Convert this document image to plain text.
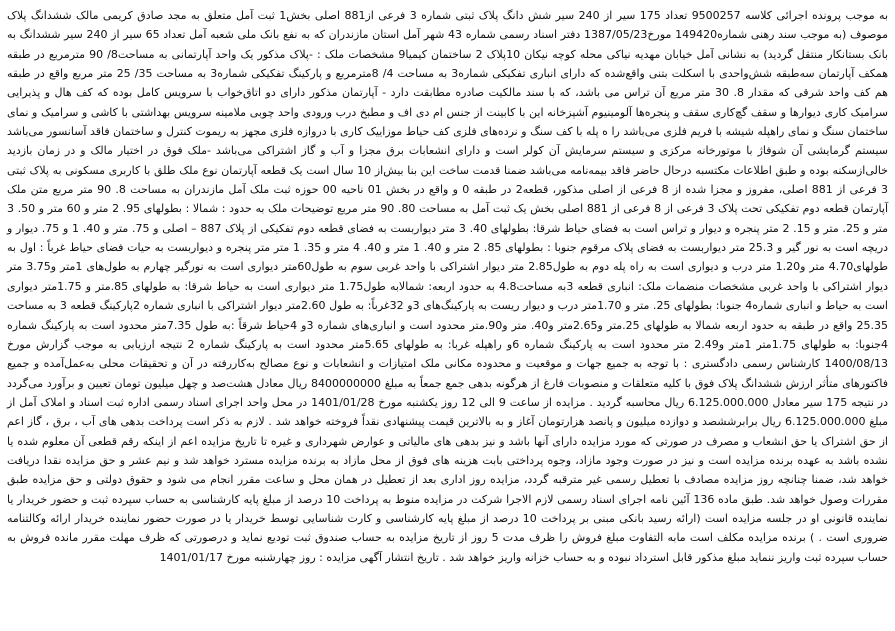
به موجب پرونده اجرائی کلاسه 9500257 تعداد 175 سیر از 240 سیر شش دانگ پلاک ثبتی شماره 3 فرعی از881 اصلی بخش1 ثبت آمل متعلق به مجد صادق کریمی مالک ششدانگ پلاک موصوف (به موجب سند رهنی شماره149420 مورخ1387/05/23 دفتر اسناد رسمی شماره 43 شهر آمل استان مازندران که به نفع بانک ملی شعبه آمل تعداد 65 سیر از 240 سیر ششدانگ به بانک بستانکار منتقل گردید) به نشانی آمل خیابان مهدیه نیاکی محله کوچه نیکان 10پلاک 2 ساختمان کیمیا9 مشخصات ملک : -پلاک مذکور یک واحد آپارتمانی به مساحت8/ 90 مترمربع در طبقه همکف آپارتمان سه‌طبقه شش‌واحدی با اسکلت بتنی واقع‌شده که دارای انباری تفکیکی شماره3 به مساحت 4/ 8مترمربع و پارکینگ تفکیکی شماره3 به مساحت 35/ 25 متر مربع واقع در طبقه هم کف واحد شرقی که مقدار 8. 30 متر مربع آن تراس می باشد، که با سند مالکیت صادره مطابقت دارد - آپارتمان مذکور دارای دو اتاق‌خواب با سرویس کامل بوده که کف هال و پذیرایی سرامیک کاری دیوارها و سقف گچ‌کاری سقف و پنجره‌ها آلومینیوم آشپزخانه این با کابینت از جنس ام دی اف و مطبخ درب ورودی واحد چوبی ملامینه سرویس بهداشتی با کاشی و سرامیک و نمای ساختمان سنگ و نمای راهپله شیشه با فریم فلزی می‌باشد را ه پله با کف سنگ و نرده‌های فلزی کف حیاط موزاییک کاری با دروازه فلزی مجهز به ریموت کنترل و ساختمان فاقد آسانسور می‌باشد سیستم گرمایشی آن شوفاژ با موتورخانه مرکزی و سیستم سرمایش آن کولر است و دارای انشعابات برق مجزا و آب و گاز اشتراکی می‌باشد -ملک فوق در اختیار مالک و در زمان بازدید خالی‌ازسکنه بوده و طبق اطلاعات مکتسبه درحال حاضر فاقد بیمه‌نامه می‌باشد ضمنا قدمت ساخت این بنا بیش‌از 10 سال است یک قطعه آپارتمان نوع ملک طلق با کاربری مسکونی به پلاک ثبتی 3 فرعی از 881 اصلی، مفروز و مجزا شده از 8 فرعی از اصلی مذکور، قطعه2 در طبقه 0 و واقع در بخش 01 ناحیه 00 حوزه ثبت ملک آمل مازندران به مساحت 8. 90 متر مربع متن ملک آپارتمان قطعه دوم تفکیکی تحت پلاک 3 فرعی از 8 فرعی از 881 اصلی بخش یک ثبت آمل به مساحت 80. 90 متر مربع توضیحات ملک به حدود : شمالا : بطولهای 95. 2 متر و 60 متر و 50. 3 متر و 25. متر و 15. 2 متر پنجره و دیوار و تراس است به فضای حیاط شرقا: بطولهای 40. 3 متر دیواربست به فضای قطعه دوم تفکیکی از پلاک 887 – اصلی و 75. متر و 40. 1 و 75. دیوار و دریچه است به نور گیر و 25.3 متر دیواربست به فضای پلاک مرقوم جنوبا : بطولهای 85. 2 متر و 40. 1 متر و 40. 4 متر و 35. 1 متر متر پنجره و دیواربست به حیات فضای حیاط غرباً : اول به طولهای4.70 متر و1.20 متر درب و دیواری است به راه پله دوم به طول2.85 متر دیوار اشتراکی با واحد غربی سوم به طول60متر دیواری است به نورگیر چهارم به طول‌های 1متر و3.75 متر دیوار اشتراکی با واحد غربی مشخصات منضمات ملک: انباری قطعه 3به مساحت4.8 به حدود اربعه: شمالابه طول1.75 متر دیواری است به حیاط شرقا: به طولهای 85.متر و 1.75متر دیواری است به حیاط و انباری شماره4 جنوبا: بطولهای 25. متر و 1.70متر درب و دیوار ریست به پارکینگ‌های 3و 32غرباً: به طول 2.60متر دیوار اشتراکی با انباری شماره 2پارکینگ قطعه 3 به مساحت 25.35 واقع در طبقه به حدود اربعه شمالا به طولهای 25.متر و2.65متر و40. متر و90.متر محدود است و انباری‌های شماره 3و 4حیاط شرقاً :به طول 7.35متر محدود است به پارکینگ شماره 4جنوبا: به طولهای 1.75متر 1متر و2.49 متر محدود است به پارکینگ شماره 6و راهپله غربا: به طولهای 5.65متر محدود است به پارکینگ شماره 2 نتیجه ارزیابی به موجب گزارش مورخ 1400/08/13 کارشناس رسمی دادگستری : با توجه به جمیع جهات و موقعیت و محدوده مکانی ملک امتیازات و انشعابات و نوع مصالح به‌کاررفته در آن و تحقیقات محلی به‌عمل‌آمده و جمیع فاکتورهای متأثر ارزش ششدانگ پلاک فوق با کلیه متعلقات و منصوبات فارغ از هرگونه بدهی جمع جمعاً به مبلغ 8400000000 ریال معادل هشت‌صد و چهل میلیون تومان تعیین و برآورد می‌گردد در نتیجه 175 سیر معادل 6.125.000.000 ریال محاسبه گردید . مزایده از ساعت 9 الی 12 روز یکشنبه مورخ 1401/01/28 در محل واحد اجرای اسناد رسمی اداره ثبت اسناد و املاک آمل از مبلغ 6.125.000.000 ریال برابر‌ششصد و دوازده میلیون و پانصد هزارتومان آغاز و به بالاترین قیمت پیشنهادی نقداً فروخته خواهد شد . لازم به ذکر است پرداخت بدهی های آب ، برق ، گاز اعم از حق اشتراک یا حق انشعاب و مصرف در صورتی که مورد مزایده دارای آنها باشد و نیز بدهی های مالیاتی و عوارض شهرداری و غیره تا تاریخ مزایده اعم از اینکه رقم قطعی آن معلوم شده یا نشده باشد به عهده برنده مزایده است و نیز در صورت وجود مازاد، وجوه پرداختی بابت هزینه های فوق از محل مازاد به برنده مزایده مسترد خواهد شد و نیم عشر و حق مزایده نقدا دریافت خواهد شد، ضمنا چنانچه روز مزایده مصادف با تعطیل رسمی غیر مترقبه گردد، مزایده روز اداری بعد از تعطیل در همان محل و ساعت مقرر انجام می شود و حقوق دولتی و حق مزایده طبق مقررات وصول خواهد شد. طبق ماده 136 آئین نامه اجرای اسناد رسمی لازم الاجرا شرکت در مزایده منوط به پرداخت 10 درصد از مبلغ پایه کارشناسی به حساب سپرده ثبت و حضور خریدار یا نماینده قانونی او در جلسه مزایده است (ارائه رسید بانکی مبنی بر پرداخت 10 درصد از مبلغ پایه کارشناسی و کارت شناسایی توسط خریدار یا در صورت حضور نماینده خریدار ارائه وکالتنامه ضروری است . ) برنده مزایده مکلف است مابه التفاوت مبلغ فروش را ظرف مدت 5 روز از تاریخ مزایده به حساب صندوق ثبت تودیع نماید و درصورتی که ظرف مهلت مقرر مانده فروش به حساب سپرده ثبت واریز ننماید مبلغ مذکور قابل استرداد نبوده و به حساب خزانه واریز خواهد شد . تاریخ انتشار آگهی مزایده : روز چهارشنبه مورخ 1401/01/17
